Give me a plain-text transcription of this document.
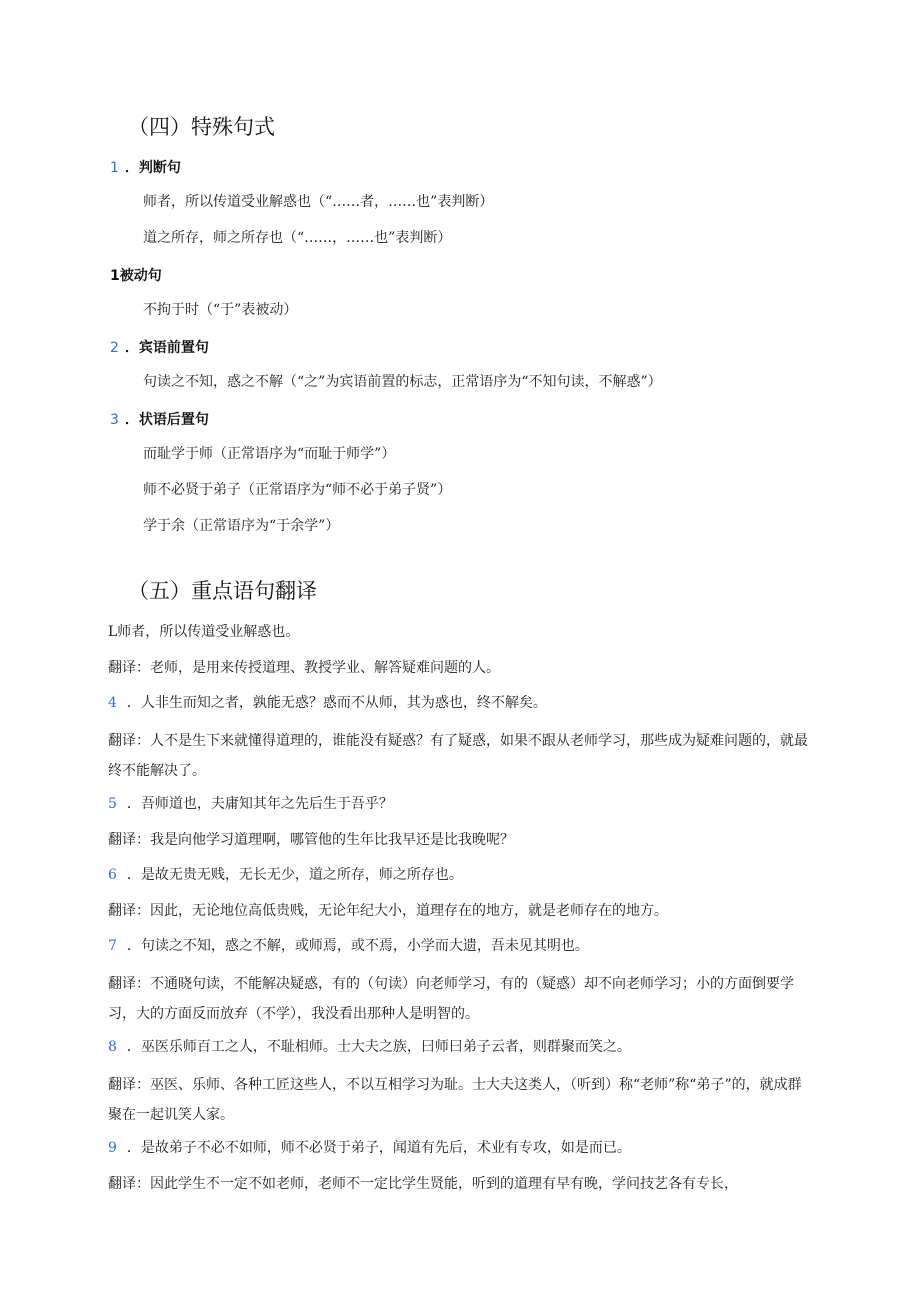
（四）特殊句式
1 ．判断句
师者，所以传道受业解惑也（“……者，……也”表判断）
道之所存，师之所存也（“……，……也”表判断）
1被动句
不拘于时（“于”表被动）
2 ．宾语前置句
句读之不知，惑之不解（“之”为宾语前置的标志，正常语序为“不知句读，不解惑”）
3 ．状语后置句
而耻学于师（正常语序为“而耻于师学”）
师不必贤于弟子（正常语序为“师不必于弟子贤”）
学于余（正常语序为“于余学”）
（五）重点语句翻译
L师者，所以传道受业解惑也。
翻译：老师，是用来传授道理、教授学业、解答疑难问题的人。
4 ．人非生而知之者，孰能无惑？惑而不从师，其为惑也，终不解矣。
翻译：人不是生下来就懂得道理的，谁能没有疑惑？有了疑惑，如果不跟从老师学习，那些成为疑难问题的，就最终不能解决了。
5 ．吾师道也，夫庸知其年之先后生于吾乎？
翻译：我是向他学习道理啊，哪管他的生年比我早还是比我晚呢？
6 ．是故无贵无贱，无长无少，道之所存，师之所存也。
翻译：因此，无论地位高低贵贱，无论年纪大小，道理存在的地方，就是老师存在的地方。
7 ．句读之不知，惑之不解，或师焉，或不焉，小学而大遗，吾未见其明也。
翻译：不通晓句读，不能解决疑惑，有的（句读）向老师学习，有的（疑惑）却不向老师学习；小的方面倒要学习，大的方面反而放弃（不学），我没看出那种人是明智的。
8 ．巫医乐师百工之人，不耻相师。士大夫之族，曰师曰弟子云者，则群聚而笑之。
翻译：巫医、乐师、各种工匠这些人，不以互相学习为耻。士大夫这类人，（听到）称“老师”称“弟子”的，就成群聚在一起讥笑人家。
9 ．是故弟子不必不如师，师不必贤于弟子，闻道有先后，术业有专攻，如是而已。
翻译：因此学生不一定不如老师，老师不一定比学生贤能，听到的道理有早有晚，学问技艺各有专长，
